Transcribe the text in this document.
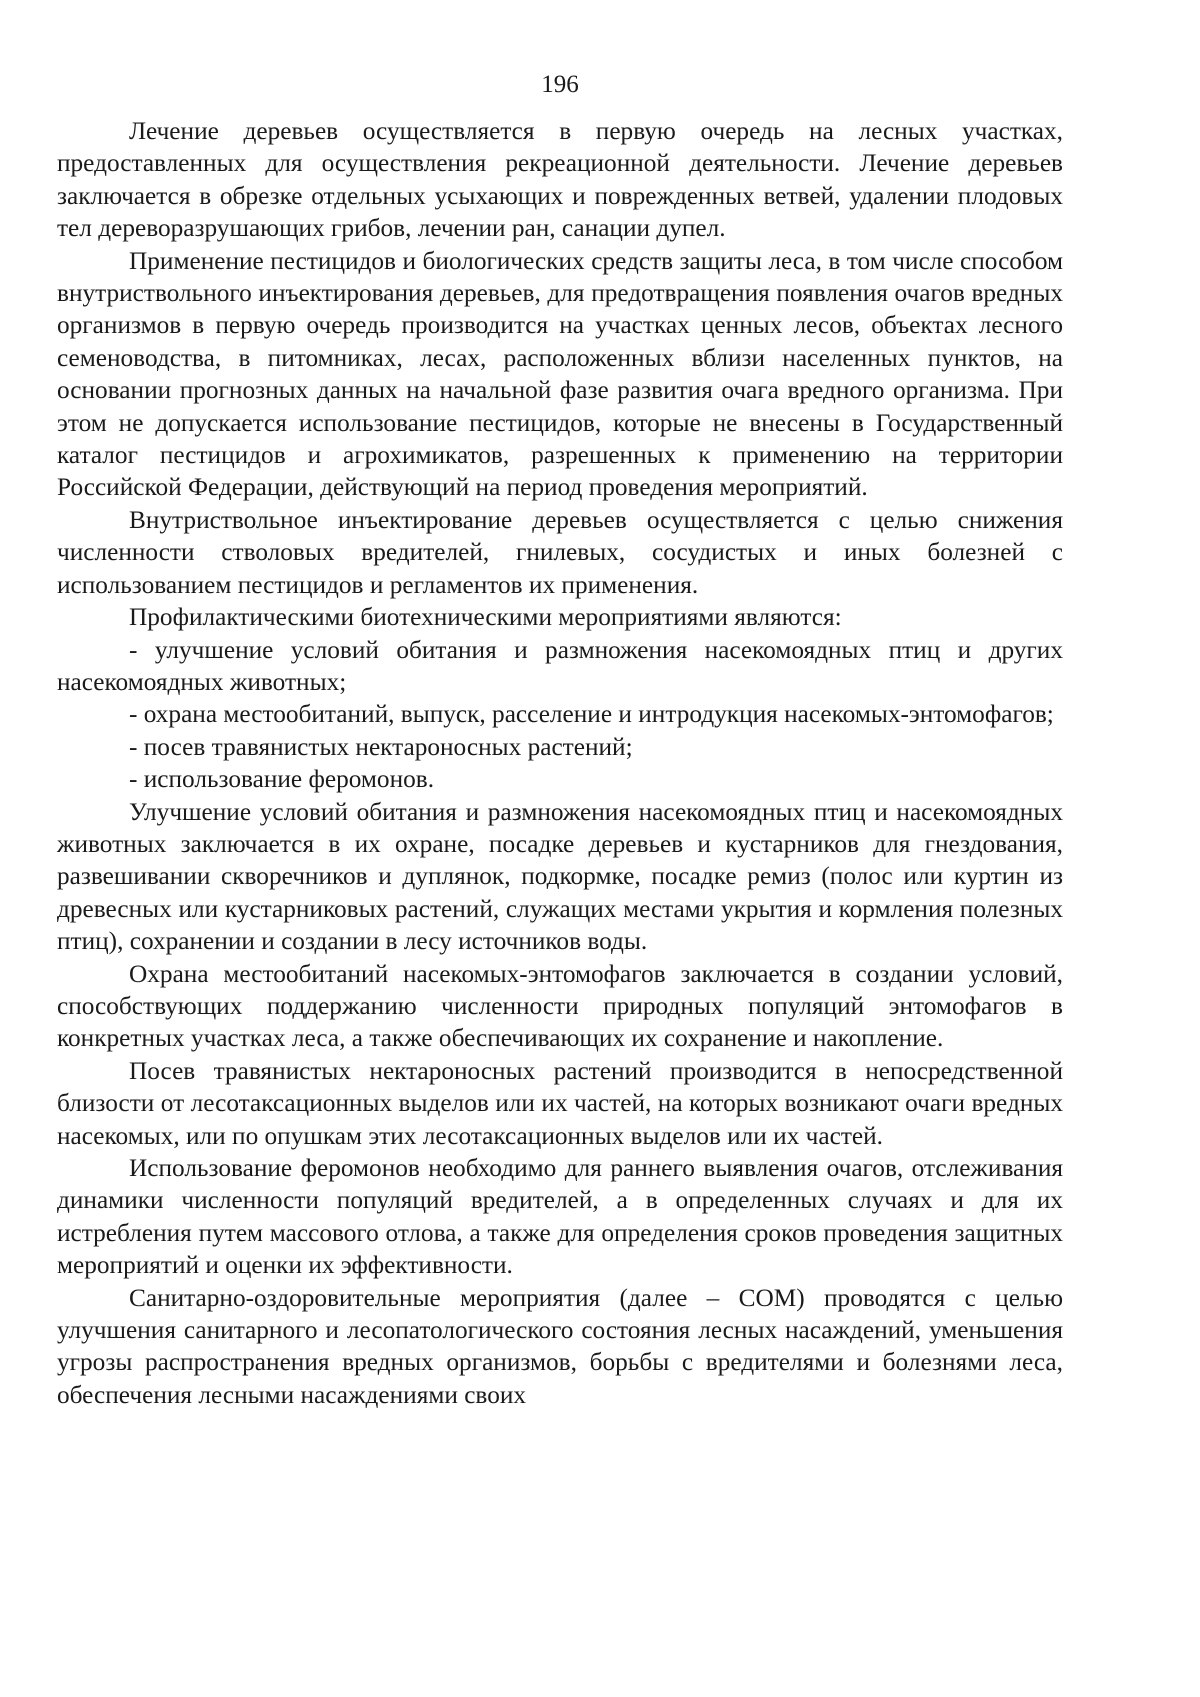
196

Лечение деревьев осуществляется в первую очередь на лесных участках, предоставленных для осуществления рекреационной деятельности. Лечение деревьев заключается в обрезке отдельных усыхающих и поврежденных ветвей, удалении плодовых тел дереворазрушающих грибов, лечении ран, санации дупел.

Применение пестицидов и биологических средств защиты леса, в том числе способом внутриствольного инъектирования деревьев, для предотвращения появления очагов вредных организмов в первую очередь производится на участках ценных лесов, объектах лесного семеноводства, в питомниках, лесах, расположенных вблизи населенных пунктов, на основании прогнозных данных на начальной фазе развития очага вредного организма. При этом не допускается использование пестицидов, которые не внесены в Государственный каталог пестицидов и агрохимикатов, разрешенных к применению на территории Российской Федерации, действующий на период проведения мероприятий.

Внутриствольное инъектирование деревьев осуществляется с целью снижения численности стволовых вредителей, гнилевых, сосудистых и иных болезней с использованием пестицидов и регламентов их применения.

Профилактическими биотехническими мероприятиями являются:

- улучшение условий обитания и размножения насекомоядных птиц и других насекомоядных животных;

- охрана местообитаний, выпуск, расселение и интродукция насекомых-энтомофагов;

- посев травянистых нектароносных растений;

- использование феромонов.

Улучшение условий обитания и размножения насекомоядных птиц и насекомоядных животных заключается в их охране, посадке деревьев и кустарников для гнездования, развешивании скворечников и дуплянок, подкормке, посадке ремиз (полос или куртин из древесных или кустарниковых растений, служащих местами укрытия и кормления полезных птиц), сохранении и создании в лесу источников воды.

Охрана местообитаний насекомых-энтомофагов заключается в создании условий, способствующих поддержанию численности природных популяций энтомофагов в конкретных участках леса, а также обеспечивающих их сохранение и накопление.

Посев травянистых нектароносных растений производится в непосредственной близости от лесотаксационных выделов или их частей, на которых возникают очаги вредных насекомых, или по опушкам этих лесотаксационных выделов или их частей.

Использование феромонов необходимо для раннего выявления очагов, отслеживания динамики численности популяций вредителей, а в определенных случаях и для их истребления путем массового отлова, а также для определения сроков проведения защитных мероприятий и оценки их эффективности.

Санитарно-оздоровительные мероприятия (далее – СОМ) проводятся с целью улучшения санитарного и лесопатологического состояния лесных насаждений, уменьшения угрозы распространения вредных организмов, борьбы с вредителями и болезнями леса, обеспечения лесными насаждениями своих
